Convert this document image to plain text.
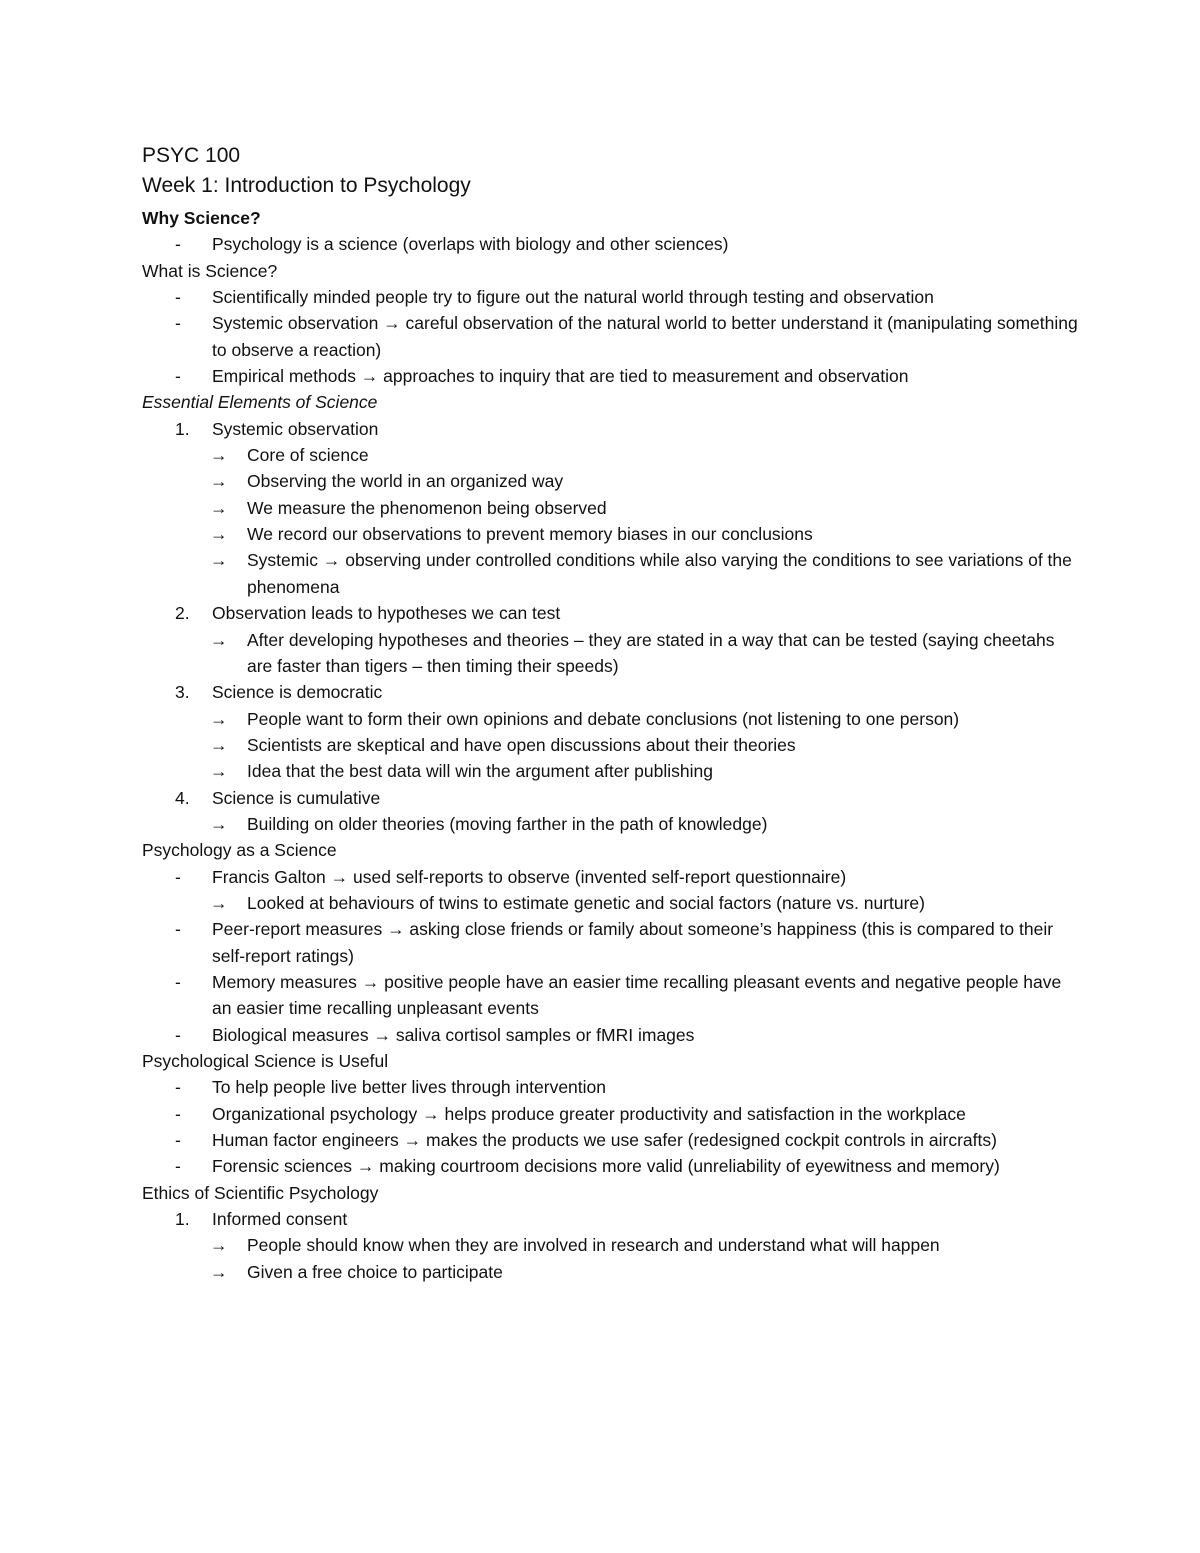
PSYC 100
Week 1: Introduction to Psychology
Why Science?
-	Psychology is a science (overlaps with biology and other sciences)
What is Science?
-	Scientifically minded people try to figure out the natural world through testing and observation
-	Systemic observation → careful observation of the natural world to better understand it (manipulating something to observe a reaction)
-	Empirical methods → approaches to inquiry that are tied to measurement and observation
Essential Elements of Science
1.	Systemic observation
→	Core of science
→	Observing the world in an organized way
→	We measure the phenomenon being observed
→	We record our observations to prevent memory biases in our conclusions
→	Systemic → observing under controlled conditions while also varying the conditions to see variations of the phenomena
2.	Observation leads to hypotheses we can test
→	After developing hypotheses and theories – they are stated in a way that can be tested (saying cheetahs are faster than tigers – then timing their speeds)
3.	Science is democratic
→	People want to form their own opinions and debate conclusions (not listening to one person)
→	Scientists are skeptical and have open discussions about their theories
→	Idea that the best data will win the argument after publishing
4.	Science is cumulative
→	Building on older theories (moving farther in the path of knowledge)
Psychology as a Science
-	Francis Galton → used self-reports to observe (invented self-report questionnaire)
→	Looked at behaviours of twins to estimate genetic and social factors (nature vs. nurture)
-	Peer-report measures → asking close friends or family about someone’s happiness (this is compared to their self-report ratings)
-	Memory measures → positive people have an easier time recalling pleasant events and negative people have an easier time recalling unpleasant events
-	Biological measures → saliva cortisol samples or fMRI images
Psychological Science is Useful
-	To help people live better lives through intervention
-	Organizational psychology → helps produce greater productivity and satisfaction in the workplace
-	Human factor engineers → makes the products we use safer (redesigned cockpit controls in aircrafts)
-	Forensic sciences → making courtroom decisions more valid (unreliability of eyewitness and memory)
Ethics of Scientific Psychology
1.	Informed consent
→	People should know when they are involved in research and understand what will happen
→	Given a free choice to participate
